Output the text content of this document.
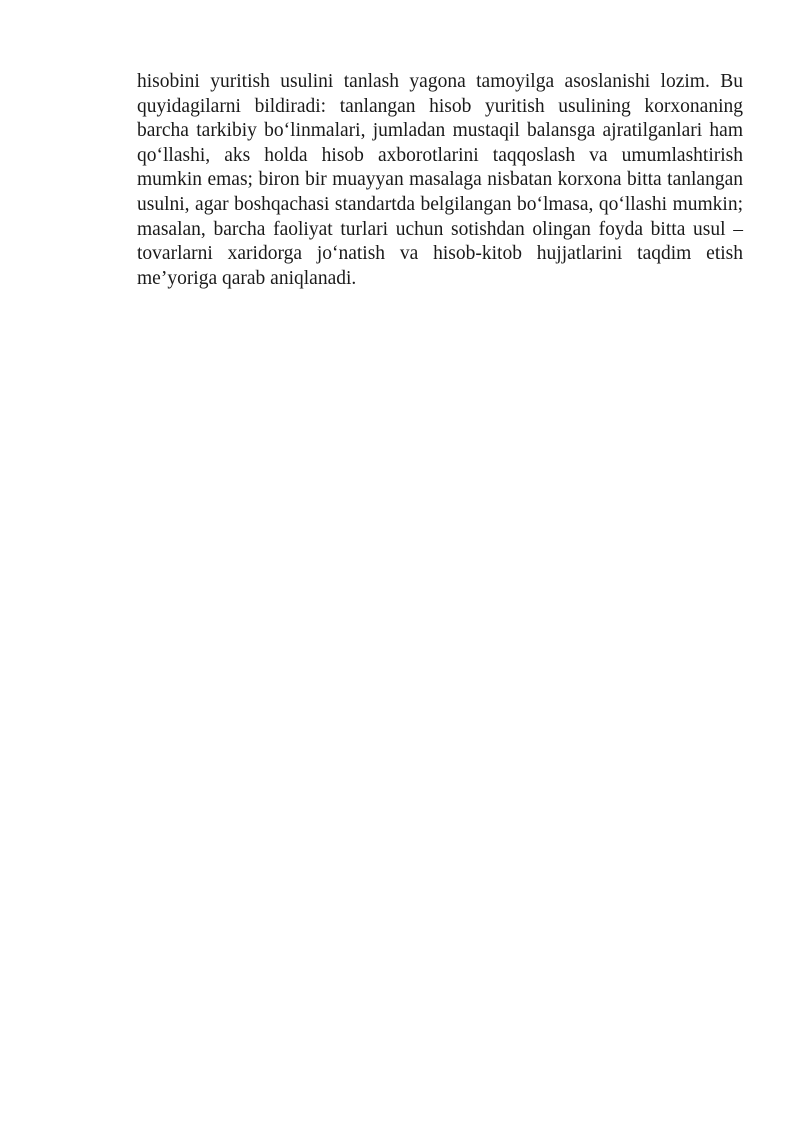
hisobini yuritish usulini tanlash yagona tamoyilga asoslanishi lozim. Bu quyidagilarni bildiradi: tanlangan hisob yuritish usulining korxonaning barcha tarkibiy bo‘linmalari, jumladan mustaqil balansga ajratilganlari ham qo‘llashi, aks holda hisob axborotlarini taqqoslash va umumlashtirish mumkin emas; biron bir muayyan masalaga nisbatan korxona bitta tanlangan usulni, agar boshqachasi standartda belgilangan bo‘lmasa, qo‘llashi mumkin; masalan, barcha faoliyat turlari uchun sotishdan olingan foyda bitta usul – tovarlarni xaridorga jo‘natish va hisob-kitob hujjatlarini taqdim etish me’yoriga qarab aniqlanadi.
